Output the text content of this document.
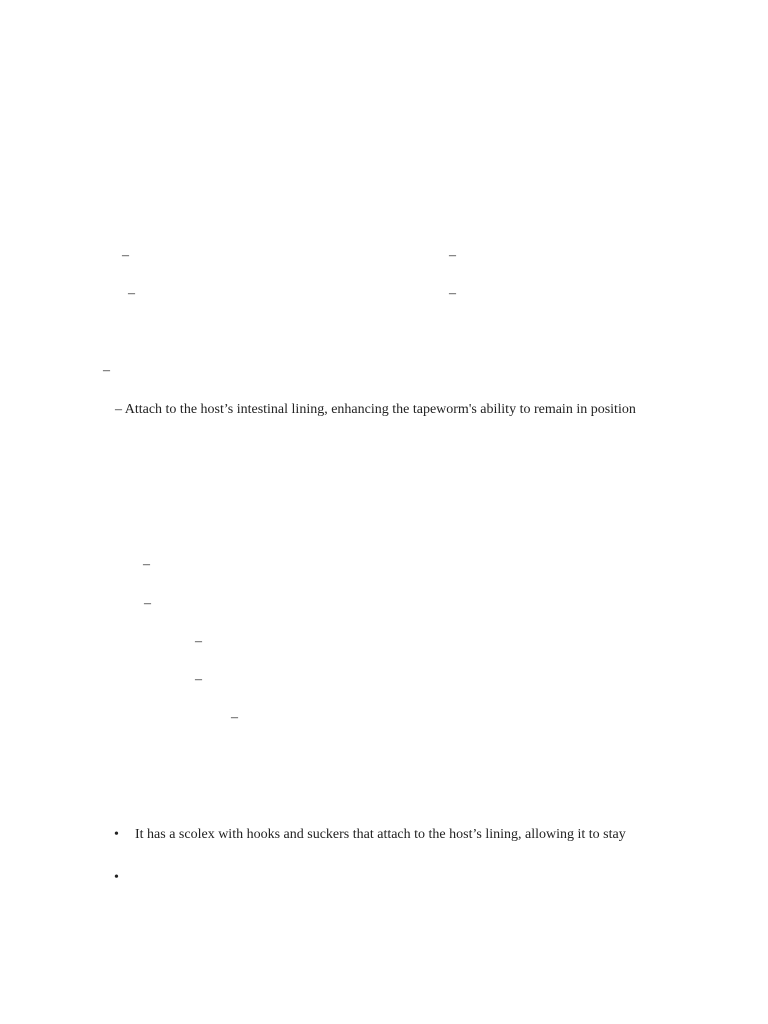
–	–
–	–
–
– Attach to the host’s intestinal lining, enhancing the tapeworm's ability to remain in position
–
–
–
–
–
• It has a scolex with hooks and suckers that attach to the host’s lining, allowing it to stay
•
